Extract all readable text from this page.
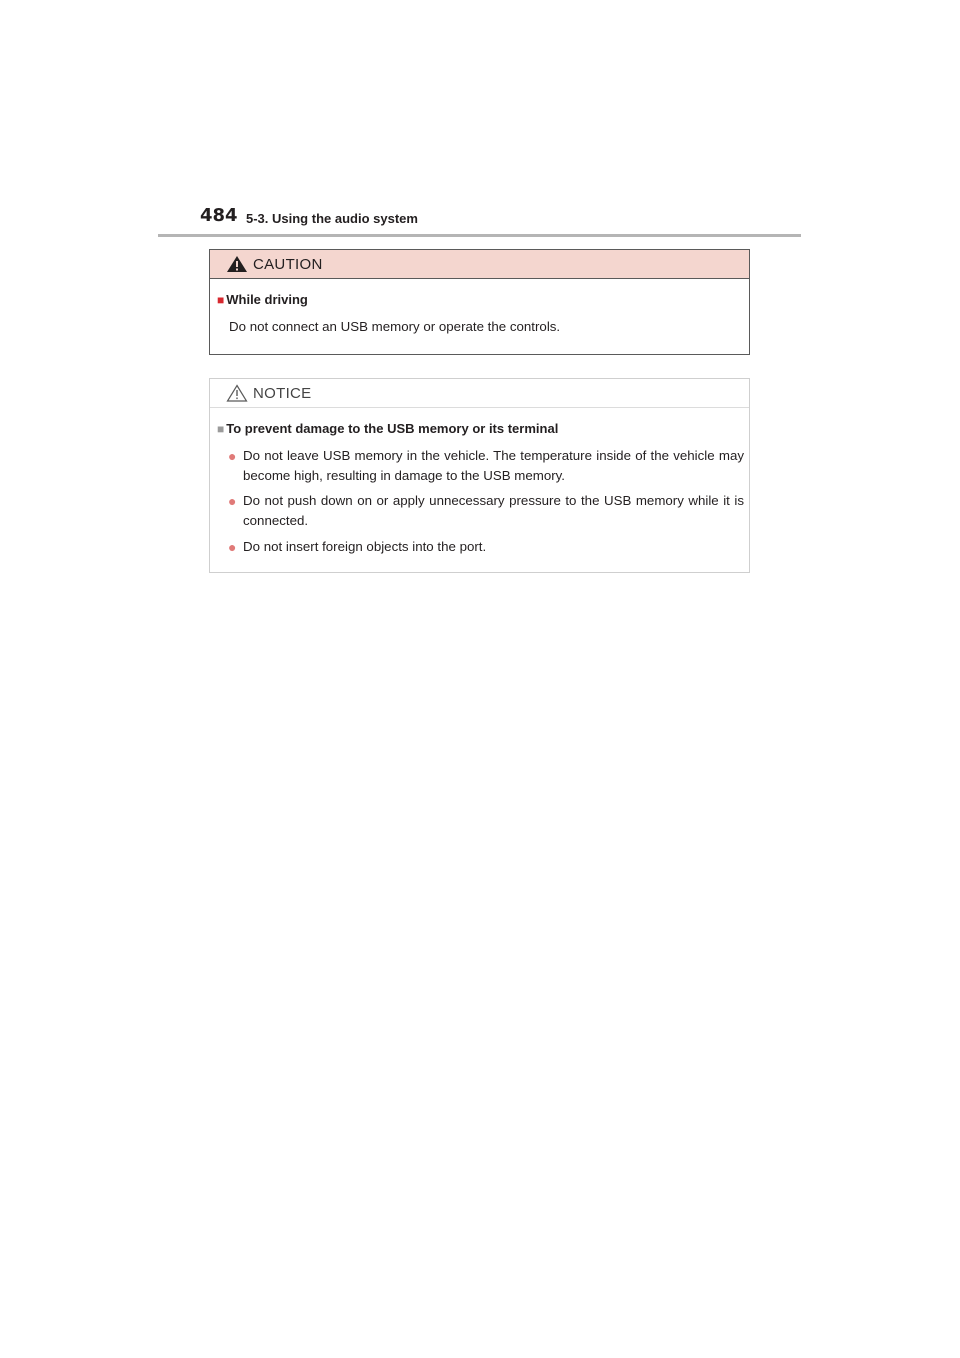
484 5-3. Using the audio system
CAUTION
■ While driving
Do not connect an USB memory or operate the controls.
NOTICE
■ To prevent damage to the USB memory or its terminal
● Do not leave USB memory in the vehicle. The temperature inside of the vehicle may become high, resulting in damage to the USB memory.
● Do not push down on or apply unnecessary pressure to the USB memory while it is connected.
● Do not insert foreign objects into the port.
